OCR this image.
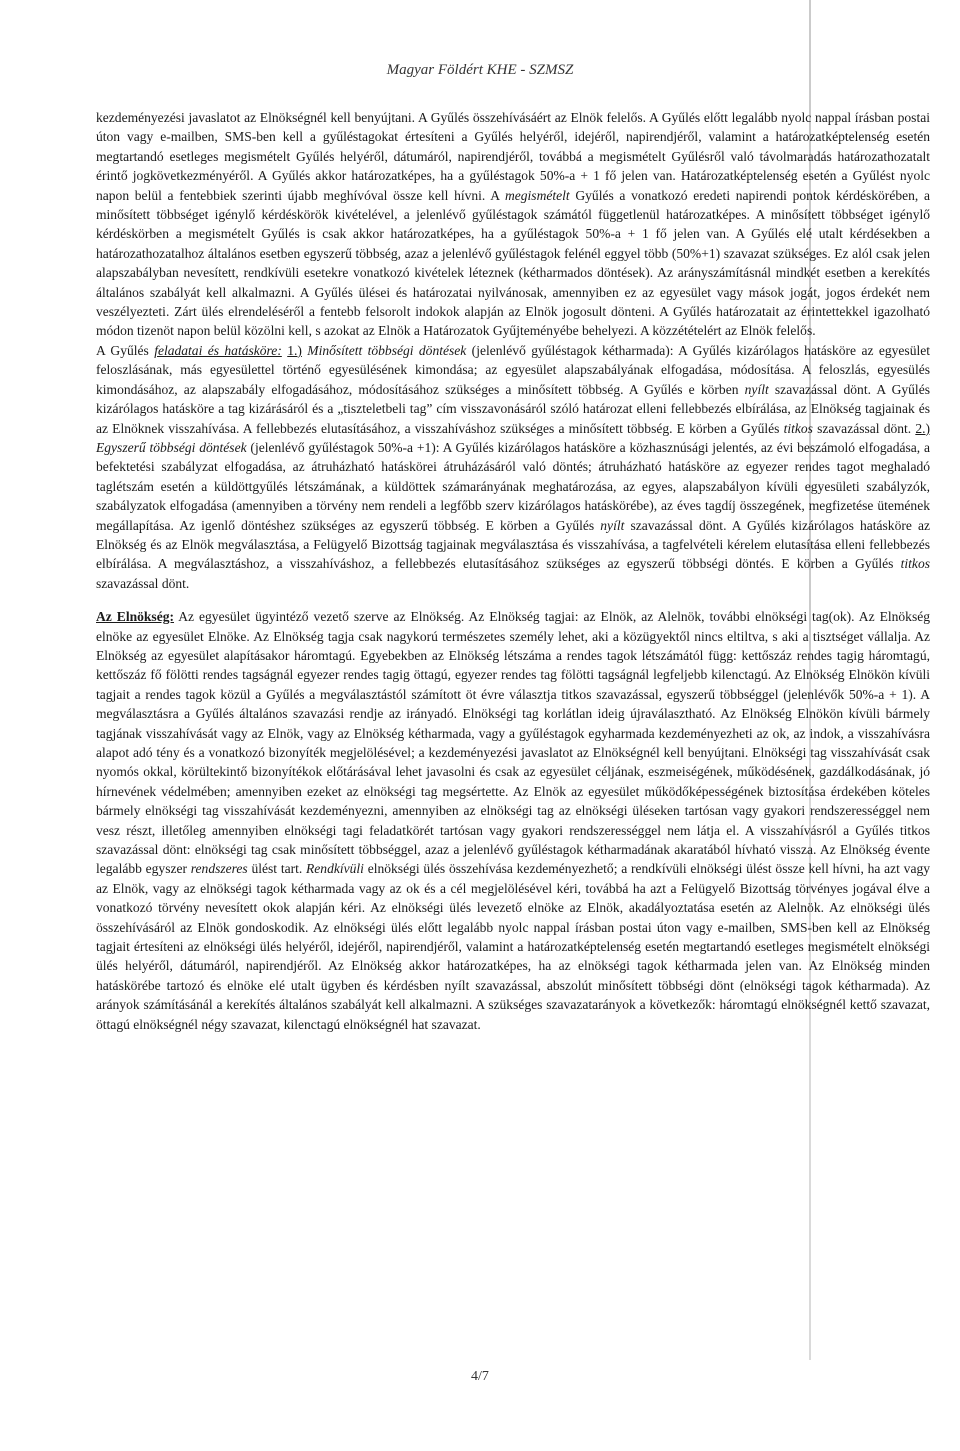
Magyar Földért KHE - SZMSZ

kezdeményezési javaslatot az Elnökségnél kell benyújtani. A Gyűlés összehívásáért az Elnök felelős. A Gyűlés előtt legalább nyolc nappal írásban postai úton vagy e-mailben, SMS-ben kell a gyűléstagokat értesíteni a Gyűlés helyéről, idejéről, napirendjéről, valamint a határozatképtelenség esetén megtartandó esetleges megismételt Gyűlés helyéről, dátumáról, napirendjéről, továbbá a megismételt Gyűlésről való távolmaradás határozathozatalt érintő jogkövetkezményéről. A Gyűlés akkor határozatképes, ha a gyűléstagok 50%-a + 1 fő jelen van. Határozatképtelenség esetén a Gyűlést nyolc napon belül a fentebbiek szerinti újabb meghívóval össze kell hívni. A megismételt Gyűlés a vonatkozó eredeti napirendi pontok kérdéskörében, a minősített többséget igénylő kérdéskörök kivételével, a jelenlévő gyűléstagok számától függetlenül határozatképes. A minősített többséget igénylő kérdéskörben a megismételt Gyűlés is csak akkor határozatképes, ha a gyűléstagok 50%-a + 1 fő jelen van. A Gyűlés elé utalt kérdésekben a határozathozatalhoz általános esetben egyszerű többség, azaz a jelenlévő gyűléstagok felénél eggyel több (50%+1) szavazat szükséges. Ez alól csak jelen alapszabályban nevesített, rendkívüli esetekre vonatkozó kivételek léteznek (kétharmados döntések). Az arányszámításnál mindkét esetben a kerekítés általános szabályát kell alkalmazni. A Gyűlés ülései és határozatai nyilvánosak, amennyiben ez az egyesület vagy mások jogát, jogos érdekét nem veszélyezteti. Zárt ülés elrendeléséről a fentebb felsorolt indokok alapján az Elnök jogosult dönteni. A Gyűlés határozatait az érintettekkel igazolható módon tizenöt napon belül közölni kell, s azokat az Elnök a Határozatok Gyűjteményébe behelyezi. A közzétételért az Elnök felelős.

A Gyűlés feladatai és hatásköre: 1.) Minősített többségi döntések (jelenlévő gyűléstagok kétharmada): A Gyűlés kizárólagos hatásköre az egyesület feloszlásának, más egyesülettel történő egyesülésének kimondása; az egyesület alapszabályának elfogadása, módosítása. A feloszlás, egyesülés kimondásához, az alapszabály elfogadásához, módosításához szükséges a minősített többség. A Gyűlés e körben nyílt szavazással dönt. A Gyűlés kizárólagos hatásköre a tag kizárásáról és a „tiszteletbeli tag” cím visszavonásáról szóló határozat elleni fellebbezés elbírálása, az Elnökség tagjainak és az Elnöknek visszahívása. A fellebbezés elutasításához, a visszahíváshoz szükséges a minősített többség. E körben a Gyűlés titkos szavazással dönt. 2.) Egyszerű többségi döntések (jelenlévő gyűléstagok 50%-a +1): A Gyűlés kizárólagos hatásköre a közhasznúsági jelentés, az évi beszámoló elfogadása, a befektetési szabályzat elfogadása, az átruházható hatáskörei átruházásáról való döntés; átruházható hatásköre az egyezer rendes tagot meghaladó taglétszám esetén a küldöttgyűlés létszámának, a küldöttek számarányának meghatározása, az egyes, alapszabályon kívüli egyesületi szabályzók, szabályzatok elfogadása (amennyiben a törvény nem rendeli a legfőbb szerv kizárólagos hatáskörébe), az éves tagdíj összegének, megfizetése ütemének megállapítása. Az igenlő döntéshez szükséges az egyszerű többség. E körben a Gyűlés nyílt szavazással dönt. A Gyűlés kizárólagos hatásköre az Elnökség és az Elnök megválasztása, a Felügyelő Bizottság tagjainak megválasztása és visszahívása, a tagfelvételi kérelem elutasítása elleni fellebbezés elbírálása. A megválasztáshoz, a visszahíváshoz, a fellebbezés elutasításához szükséges az egyszerű többségi döntés. E körben a Gyűlés titkos szavazással dönt.

Az Elnökség: Az egyesület ügyintéző vezető szerve az Elnökség. Az Elnökség tagjai: az Elnök, az Alelnök, további elnökségi tag(ok). Az Elnökség elnöke az egyesület Elnöke. Az Elnökség tagja csak nagykorú természetes személy lehet, aki a közügyektől nincs eltiltva, s aki a tisztséget vállalja. Az Elnökség az egyesület alapításakor háromtagú. Egyebekben az Elnökség létszáma a rendes tagok létszámától függ: kettőszáz rendes tagig háromtagú, kettőszáz fő fölötti rendes tagságnál egyezer rendes tagig öttagú, egyezer rendes tag fölötti tagságnál legfeljebb kilenctagú. Az Elnökség Elnökön kívüli tagjait a rendes tagok közül a Gyűlés a megválasztástól számított öt évre választja titkos szavazással, egyszerű többséggel (jelenlévők 50%-a + 1). A megválasztásra a Gyűlés általános szavazási rendje az irányadó. Elnökségi tag korlátlan ideig újraválasztható. Az Elnökség Elnökön kívüli bármely tagjának visszahívását vagy az Elnök, vagy az Elnökség kétharmada, vagy a gyűléstagok egyharmada kezdeményezheti az ok, az indok, a visszahívásra alapot adó tény és a vonatkozó bizonyíték megjelölésével; a kezdeményezési javaslatot az Elnökségnél kell benyújtani. Elnökségi tag visszahívását csak nyomós okkal, körültekintő bizonyítékok előtárásával lehet javasolni és csak az egyesület céljának, eszmeiségének, működésének, gazdálkodásának, jó hírnevének védelmében; amennyiben ezeket az elnökségi tag megsértette. Az Elnök az egyesület működőképességének biztosítása érdekében köteles bármely elnökségi tag visszahívását kezdeményezni, amennyiben az elnökségi tag az elnökségi üléseken tartósan vagy gyakori rendszerességgel nem vesz részt, illetőleg amennyiben elnökségi tagi feladatkörét tartósan vagy gyakori rendszerességgel nem látja el. A visszahívásról a Gyűlés titkos szavazással dönt: elnökségi tag csak minősített többséggel, azaz a jelenlévő gyűléstagok kétharmadának akaratából hívható vissza. Az Elnökség évente legalább egyszer rendszeres ülést tart. Rendkívüli elnökségi ülés összehívása kezdeményezhető; a rendkívüli elnökségi ülést össze kell hívni, ha azt vagy az Elnök, vagy az elnökségi tagok kétharmada vagy az ok és a cél megjelölésével kéri, továbbá ha azt a Felügyelő Bizottság törvényes jogával élve a vonatkozó törvény nevesített okok alapján kéri. Az elnökségi ülés levezető elnöke az Elnök, akadályoztatása esetén az Alelnök. Az elnökségi ülés összehívásáról az Elnök gondoskodik. Az elnökségi ülés előtt legalább nyolc nappal írásban postai úton vagy e-mailben, SMS-ben kell az Elnökség tagjait értesíteni az elnökségi ülés helyéről, idejéről, napirendjéről, valamint a határozatképtelenség esetén megtartandó esetleges megismételt elnökségi ülés helyéről, dátumáról, napirendjéről. Az Elnökség akkor határozatképes, ha az elnökségi tagok kétharmada jelen van. Az Elnökség minden hatáskörébe tartozó és elnöke elé utalt ügyben és kérdésben nyílt szavazással, abszolút minősített többségi dönt (elnökségi tagok kétharmada). Az arányok számításánál a kerekítés általános szabályát kell alkalmazni. A szükséges szavazatarányok a következők: háromtagú elnökségnél kettő szavazat, öttagú elnökségnél négy szavazat, kilenctagú elnökségnél hat szavazat.

4/7
